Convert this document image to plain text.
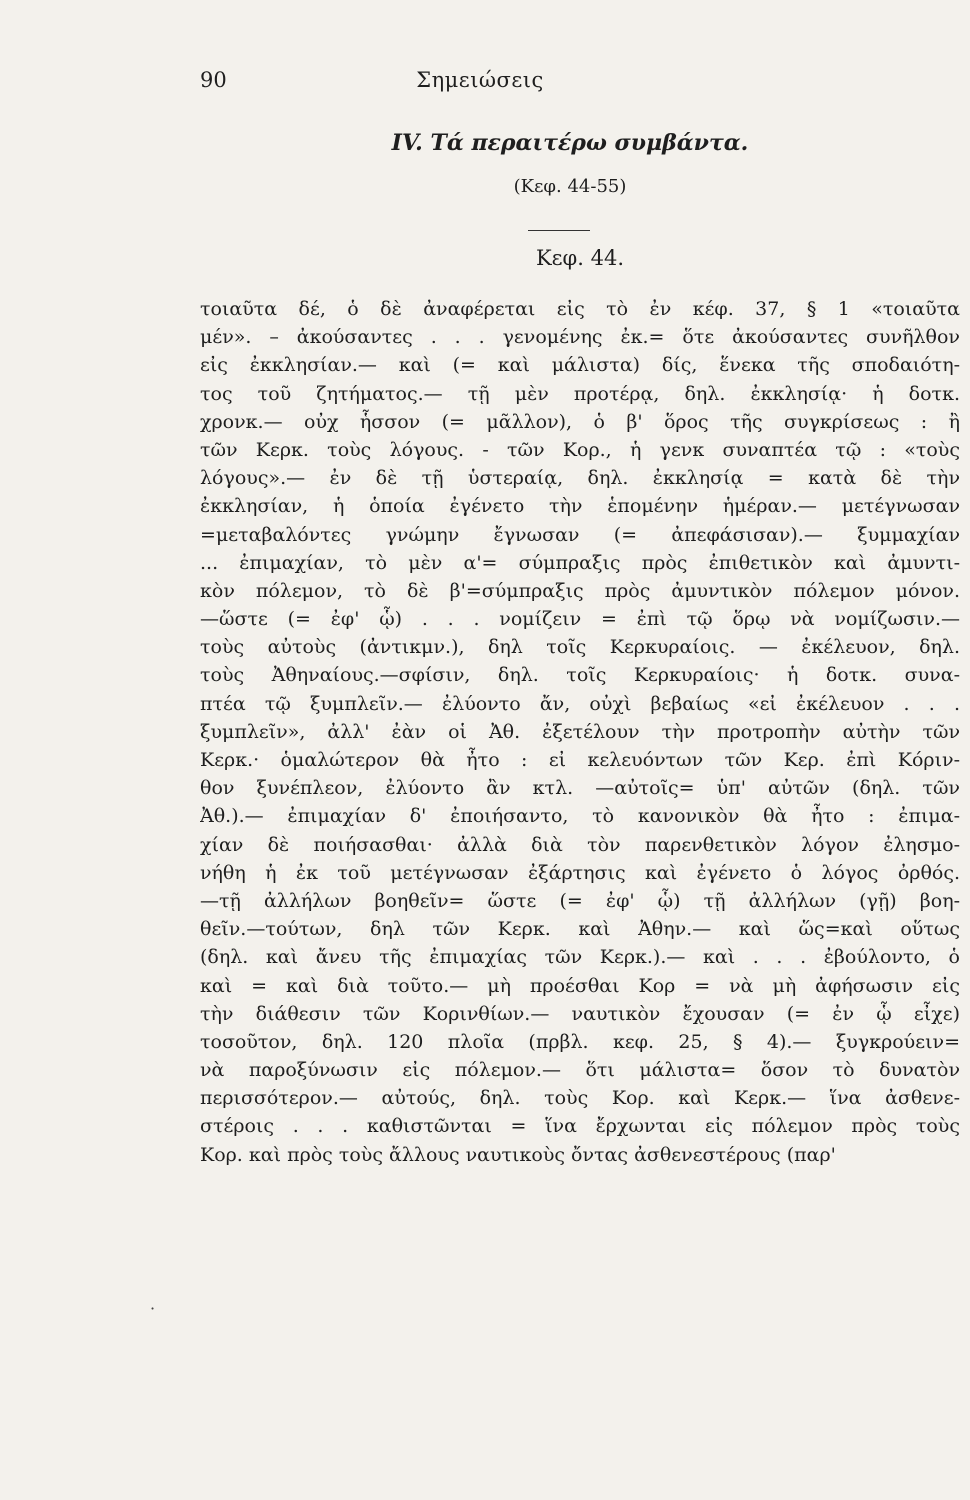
90	Σημειώσεις
IV. Τά περαιτέρω συμβάντα.
(Κεφ. 44-55)
Κεφ. 44.
τοιαῦτα δέ, ὁ δὲ ἀναφέρεται εἰς τὸ ἐν κέφ. 37, § 1 «τοιαῦτα
μέν». – ἀκούσαντες . . . γενομένης ἐκ.= ὅτε ἀκούσαντες συνῆλθον
εἰς ἐκκλησίαν.— καὶ (= καὶ μάλιστα) δίς, ἕνεκα τῆς σποδαιότη-
τος τοῦ ζητήματος.— τῇ μὲν προτέρᾳ, δηλ. ἐκκλησίᾳ· ἡ δοτκ.
χρονκ.— οὐχ ἧσσον (= μᾶλλον), ὁ β' ὅρος τῆς συγκρίσεως : ἢ
τῶν Κερκ. τοὺς λόγους. - τῶν Κορ., ἡ γενκ συναπτέα τῷ : «τοὺς
λόγους».— ἐν δὲ τῇ ὑστεραίᾳ, δηλ. ἐκκλησίᾳ = κατὰ δὲ τὴν
ἐκκλησίαν, ἡ ὁποία ἐγένετο τὴν ἑπομένην ἡμέραν.— μετέγνωσαν
=μεταβαλόντες γνώμην ἔγνωσαν (= ἀπεφάσισαν).— ξυμμαχίαν
... ἐπιμαχίαν, τὸ μὲν α'= σύμπραξις πρὸς ἐπιθετικὸν καὶ ἀμυντι-
κὸν πόλεμον, τὸ δὲ β'=σύμπραξις πρὸς ἀμυντικὸν πόλεμον μόνον.
—ὥστε (= ἐφ' ᾧ) . . . νομίζειν = ἐπὶ τῷ ὅρῳ νὰ νομίζωσιν.—
τοὺς αὐτοὺς (ἀντικμν.), δηλ τοῖς Κερκυραίοις. — ἐκέλευον, δηλ.
τοὺς Ἀθηναίους.—σφίσιν, δηλ. τοῖς Κερκυραίοις· ἡ δοτκ. συνα-
πτέα τῷ ξυμπλεῖν.— ἐλύοντο ἄν, οὐχὶ βεβαίως «εἰ ἐκέλευον . . .
ξυμπλεῖν», ἀλλ' ἐὰν οἱ Ἀθ. ἐξετέλουν τὴν προτροπὴν αὐτὴν τῶν
Κερκ.· ὁμαλώτερον θὰ ἦτο : εἰ κελευόντων τῶν Κερ. ἐπὶ Κόριν-
θον ξυνέπλεον, ἐλύοντο ἂν κτλ. —αὐτοῖς= ὑπ' αὐτῶν (δηλ. τῶν
Ἀθ.).— ἐπιμαχίαν δ' ἐποιήσαντο, τὸ κανονικὸν θὰ ἦτο : ἐπιμα-
χίαν δὲ ποιήσασθαι· ἀλλὰ διὰ τὸν παρενθετικὸν λόγον ἐλησμο-
νήθη ἡ ἐκ τοῦ μετέγνωσαν ἐξάρτησις καὶ ἐγένετο ὁ λόγος ὀρθός.
—τῇ ἀλλήλων βοηθεῖν= ὥστε (= ἐφ' ᾧ) τῇ ἀλλήλων (γῇ) βοη-
θεῖν.—τούτων, δηλ τῶν Κερκ. καὶ Ἀθην.— καὶ ὥς=καὶ οὕτως
(δηλ. καὶ ἄνευ τῆς ἐπιμαχίας τῶν Κερκ.).— καὶ . . . ἐβούλοντο, ὁ
καὶ = καὶ διὰ τοῦτο.— μὴ προέσθαι Κορ = νὰ μὴ ἀφήσωσιν εἰς
τὴν διάθεσιν τῶν Κορινθίων.— ναυτικὸν ἔχουσαν (= ἐν ᾧ εἶχε)
τοσοῦτον, δηλ. 120 πλοῖα (πρβλ. κεφ. 25, § 4).— ξυγκρούειν=
νὰ παροξύνωσιν εἰς πόλεμον.— ὅτι μάλιστα= ὅσον τὸ δυνατὸν
περισσότερον.— αὐτούς, δηλ. τοὺς Κορ. καὶ Κερκ.— ἵνα ἀσθενε-
στέροις . . . καθιστῶνται = ἵνα ἔρχωνται εἰς πόλεμον πρὸς τοὺς
Κορ. καὶ πρὸς τοὺς ἄλλους ναυτικοὺς ὄντας ἀσθενεστέρους (παρ'
·
